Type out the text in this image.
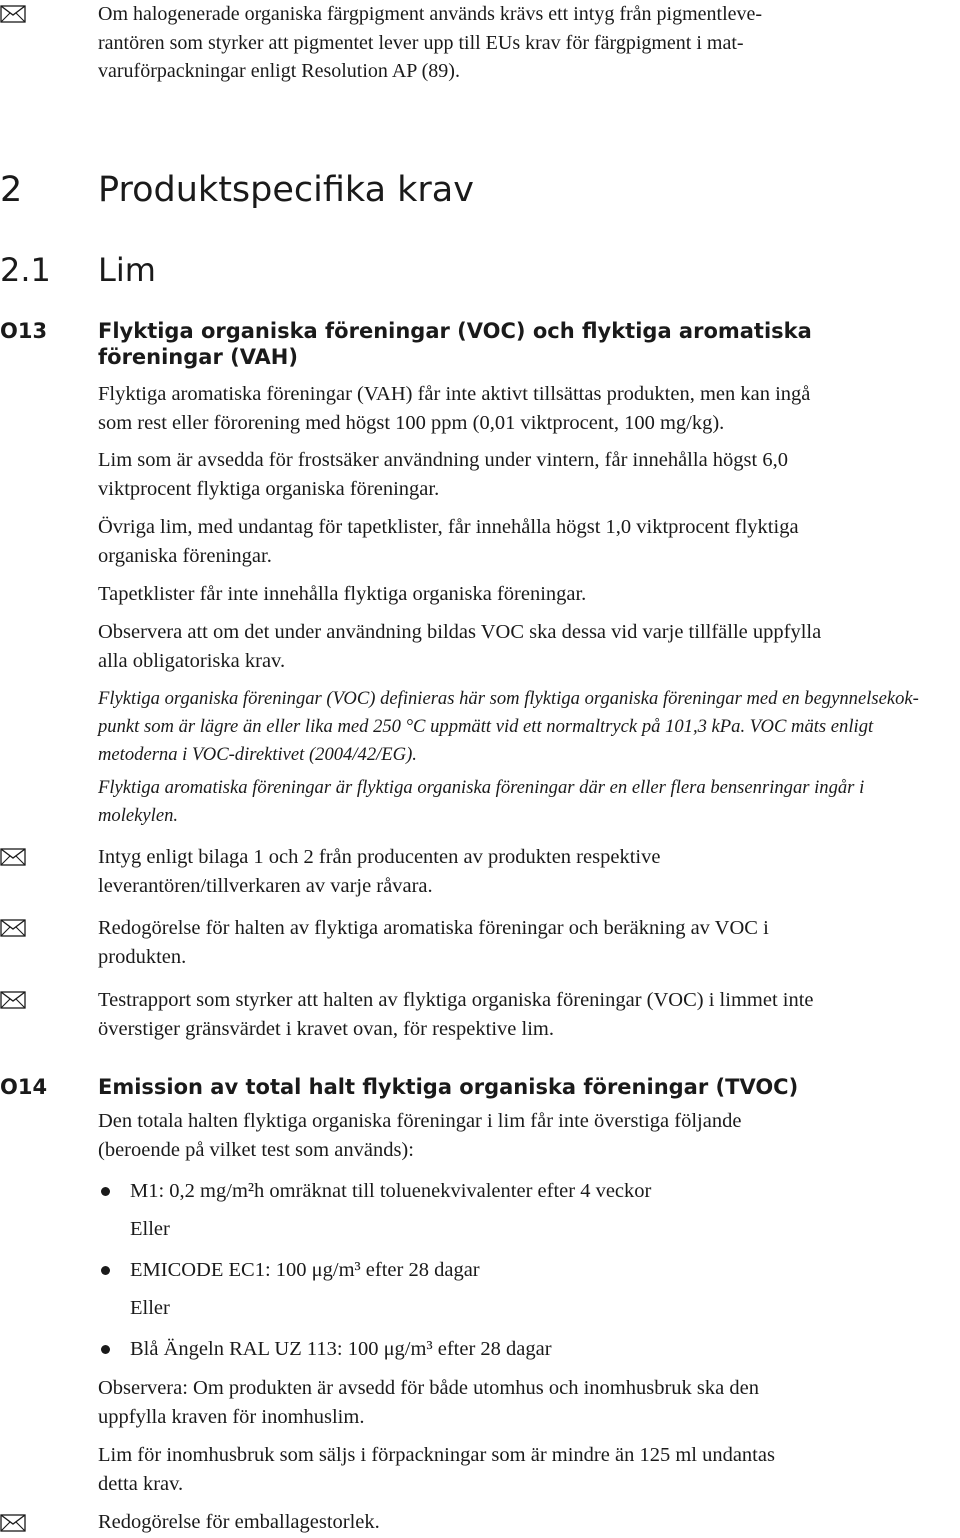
Om halogenerade organiska färgpigment används krävs ett intyg från pigmentleve-
rantören som styrker att pigmentet lever upp till EUs krav för färgpigment i mat-
varuförpackningar enligt Resolution AP (89).
2 Produktspecifika krav
2.1 Lim
O13 Flyktiga organiska föreningar (VOC) och flyktiga aromatiska
föreningar (VAH)
Flyktiga aromatiska föreningar (VAH) får inte aktivt tillsättas produkten, men kan ingå
som rest eller förorening med högst 100 ppm (0,01 viktprocent, 100 mg/kg).
Lim som är avsedda för frostsäker användning under vintern, får innehålla högst 6,0
viktprocent flyktiga organiska föreningar.
Övriga lim, med undantag för tapetklister, får innehålla högst 1,0 viktprocent flyktiga
organiska föreningar.
Tapetklister får inte innehålla flyktiga organiska föreningar.
Observera att om det under användning bildas VOC ska dessa vid varje tillfälle uppfylla
alla obligatoriska krav.
Flyktiga organiska föreningar (VOC) definieras här som flyktiga organiska föreningar med en begynnelsekok-
punkt som är lägre än eller lika med 250 °C uppmätt vid ett normaltryck på 101,3 kPa. VOC mäts enligt
metoderna i VOC-direktivet (2004/42/EG).
Flyktiga aromatiska föreningar är flyktiga organiska föreningar där en eller flera bensenringar ingår i
molekylen.
Intyg enligt bilaga 1 och 2 från producenten av produkten respektive
leverantören/tillverkaren av varje råvara.
Redogörelse för halten av flyktiga aromatiska föreningar och beräkning av VOC i
produkten.
Testrapport som styrker att halten av flyktiga organiska föreningar (VOC) i limmet inte
överstiger gränsvärdet i kravet ovan, för respektive lim.
O14 Emission av total halt flyktiga organiska föreningar (TVOC)
Den totala halten flyktiga organiska föreningar i lim får inte överstiga följande
(beroende på vilket test som används):
M1: 0,2 mg/m²h omräknat till toluenekvivalenter efter 4 veckor
Eller
EMICODE EC1: 100 μg/m³ efter 28 dagar
Eller
Blå Ängeln RAL UZ 113: 100 μg/m³ efter 28 dagar
Observera: Om produkten är avsedd för både utomhus och inomhusbruk ska den
uppfylla kraven för inomhuslim.
Lim för inomhusbruk som säljs i förpackningar som är mindre än 125 ml undantas
detta krav.
Redogörelse för emballagestorlek.
